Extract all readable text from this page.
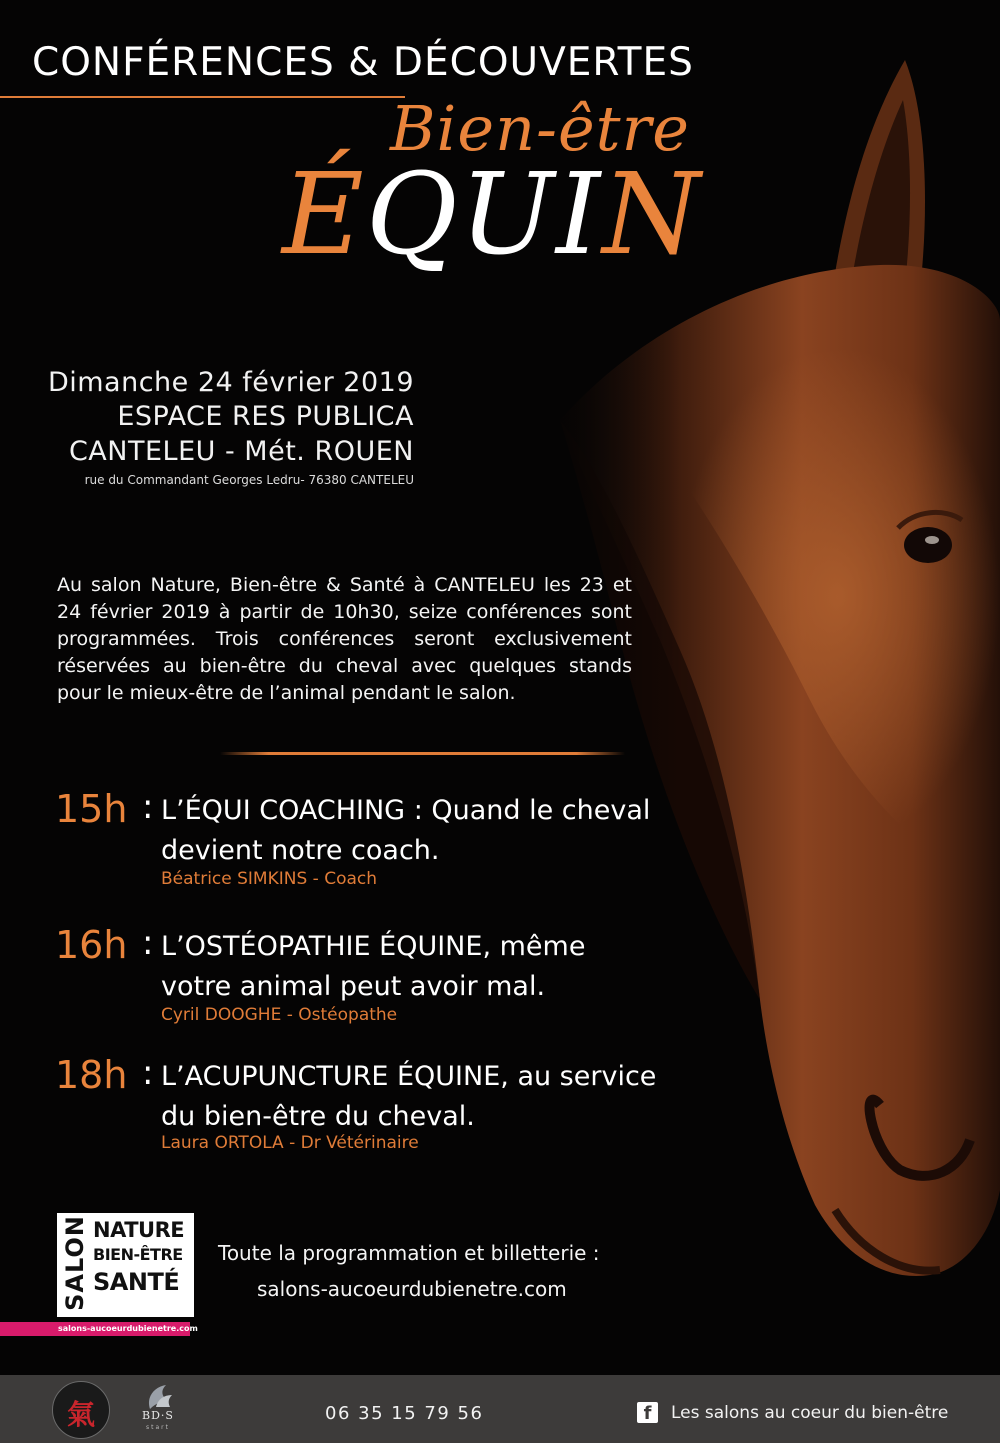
CONFÉRENCES & DÉCOUVERTES
Bien-être
ÉQUIN
Dimanche 24 février 2019
ESPACE RES PUBLICA
CANTELEU - Mét. ROUEN
rue du Commandant Georges Ledru- 76380 CANTELEU
Au salon Nature, Bien-être & Santé à CANTELEU les 23 et 24 février 2019 à partir de 10h30, seize conférences sont programmées. Trois conférences seront exclusivement réservées au bien-être du cheval avec quelques stands pour le mieux-être de l’animal pendant le salon.
15h : L’ÉQUI COACHING : Quand le cheval devient notre coach.
Béatrice SIMKINS - Coach
16h : L’OSTÉOPATHIE ÉQUINE, même votre animal peut avoir mal.
Cyril DOOGHE - Ostéopathe
18h : L’ACUPUNCTURE ÉQUINE, au service du bien-être du cheval.
Laura ORTOLA - Dr Vétérinaire
SALON NATURE
BIEN-ÊTRE
SANTÉ
salons-aucoeurdubienetre.com
Toute la programmation et billetterie :
salons-aucoeurdubienetre.com
氣	BD·S
start
06 35 15 79 56	f	Les salons au coeur du bien-être
